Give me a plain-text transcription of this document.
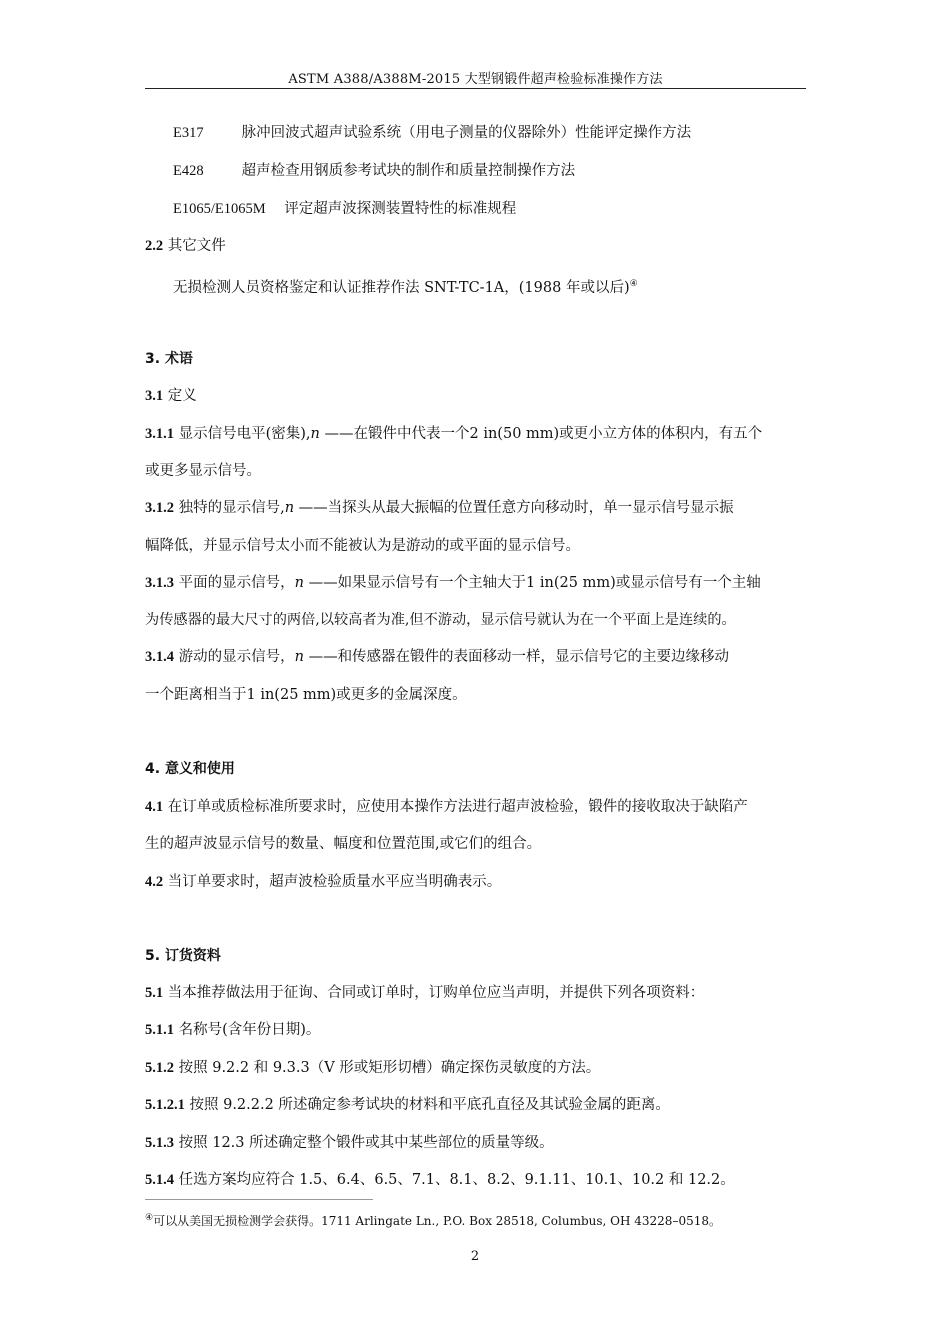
ASTM A388/A388M-2015 大型钢锻件超声检验标准操作方法
E317	脉冲回波式超声试验系统（用电子测量的仪器除外）性能评定操作方法
E428	超声检查用钢质参考试块的制作和质量控制操作方法
E1065/E1065M 评定超声波探测装置特性的标准规程
2.2 其它文件
无损检测人员资格鉴定和认证推荐作法 SNT-TC-1A，(1988 年或以后)④
3. 术语
3.1 定义
3.1.1 显示信号电平(密集),n ——在锻件中代表一个2 in(50 mm)或更小立方体的体积内，有五个
或更多显示信号。
3.1.2 独特的显示信号,n ——当探头从最大振幅的位置任意方向移动时，单一显示信号显示振
幅降低，并显示信号太小而不能被认为是游动的或平面的显示信号。
3.1.3 平面的显示信号，n ——如果显示信号有一个主轴大于1 in(25 mm)或显示信号有一个主轴
为传感器的最大尺寸的两倍,以较高者为准,但不游动，显示信号就认为在一个平面上是连续的。
3.1.4 游动的显示信号，n ——和传感器在锻件的表面移动一样，显示信号它的主要边缘移动
一个距离相当于1 in(25 mm)或更多的金属深度。
4. 意义和使用
4.1 在订单或质检标准所要求时，应使用本操作方法进行超声波检验，锻件的接收取决于缺陷产
生的超声波显示信号的数量、幅度和位置范围,或它们的组合。
4.2 当订单要求时，超声波检验质量水平应当明确表示。
5. 订货资料
5.1 当本推荐做法用于征询、合同或订单时，订购单位应当声明，并提供下列各项资料：
5.1.1 名称号(含年份日期)。
5.1.2 按照 9.2.2 和 9.3.3（V 形或矩形切槽）确定探伤灵敏度的方法。
5.1.2.1 按照 9.2.2.2 所述确定参考试块的材料和平底孔直径及其试验金属的距离。
5.1.3 按照 12.3 所述确定整个锻件或其中某些部位的质量等级。
5.1.4 任选方案均应符合 1.5、6.4、6.5、7.1、8.1、8.2、9.1.11、10.1、10.2 和 12.2。
④可以从美国无损检测学会获得。1711 Arlingate Ln., P.O. Box 28518, Columbus, OH 43228–0518。
2
